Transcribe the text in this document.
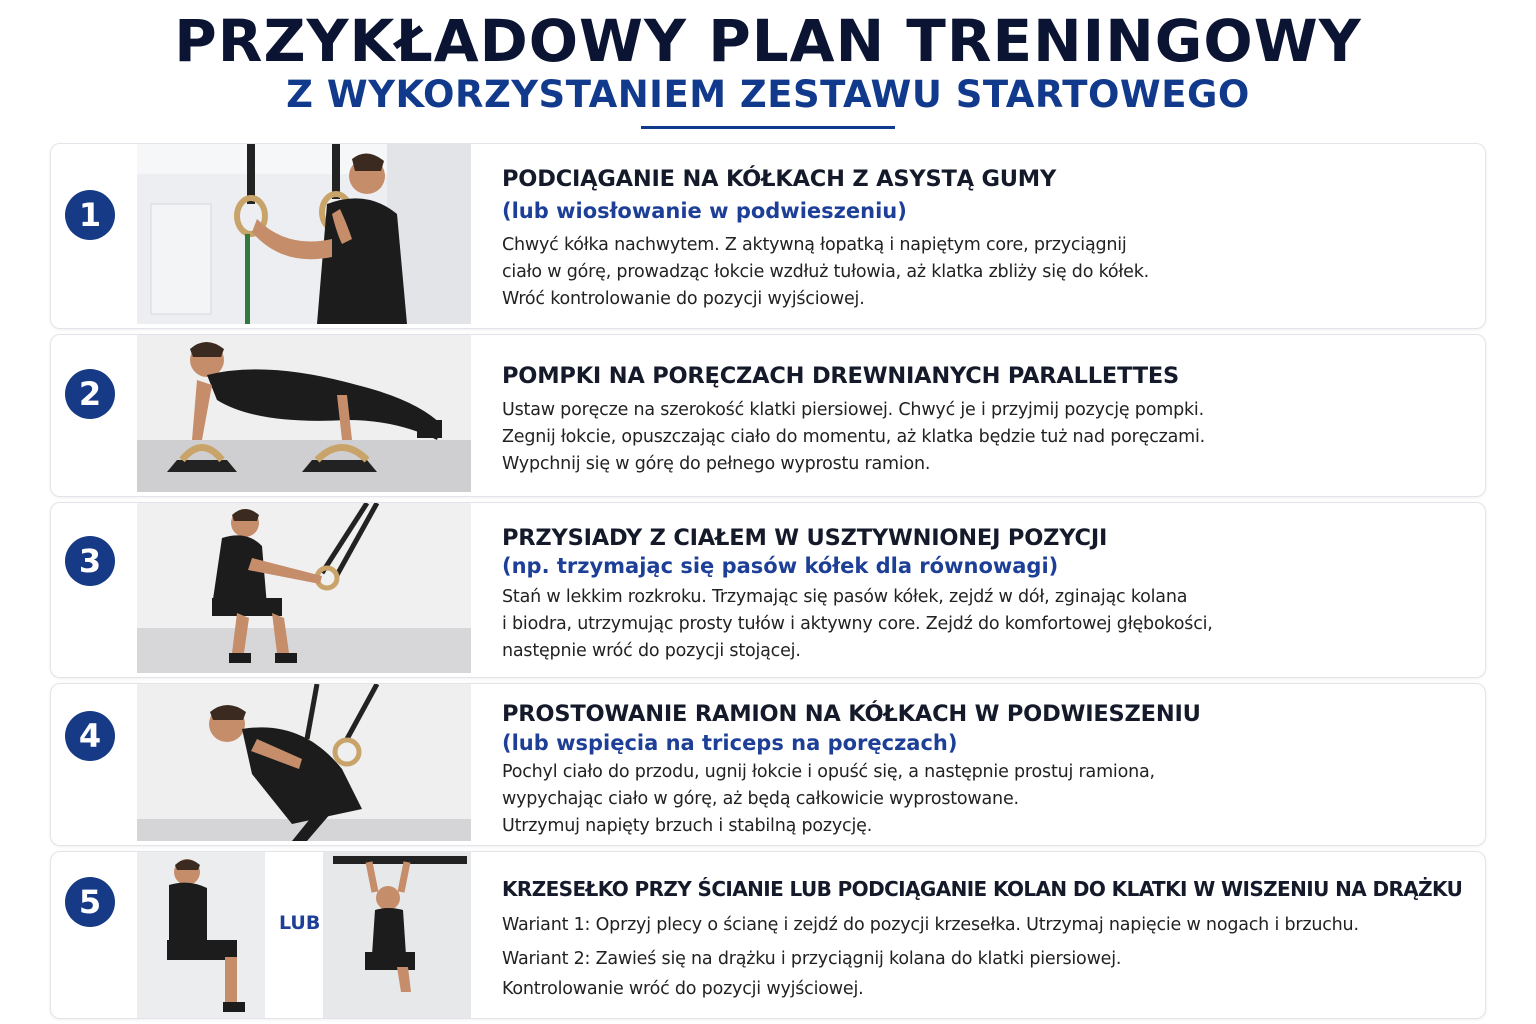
PRZYKŁADOWY PLAN TRENINGOWY
Z WYKORZYSTANIEM ZESTAWU STARTOWEGO
1
PODCIĄGANIE NA KÓŁKACH Z ASYSTĄ GUMY
(lub wiosłowanie w podwieszeniu)

Chwyć kółka nachwytem. Z aktywną łopatką i napiętym core, przyciągnij

ciało w górę, prowadząc łokcie wzdłuż tułowia, aż klatka zbliży się do kółek.

Wróć kontrolowanie do pozycji wyjściowej.

2	POMPKI NA PORĘCZACH DREWNIANYCH PARALLETTES

Ustaw poręcze na szerokość klatki piersiowej. Chwyć je i przyjmij pozycję pompki.

Zegnij łokcie, opuszczając ciało do momentu, aż klatka będzie tuż nad poręczami.

Wypchnij się w górę do pełnego wyprostu ramion.

3
PRZYSIADY Z CIAŁEM W USZTYWNIONEJ POZYCJI
(np. trzymając się pasów kółek dla równowagi)

Stań w lekkim rozkroku. Trzymając się pasów kółek, zejdź w dół, zginając kolana

i biodra, utrzymując prosty tułów i aktywny core. Zejdź do komfortowej głębokości,

następnie wróć do pozycji stojącej.

4
PROSTOWANIE RAMION NA KÓŁKACH W PODWIESZENIU
(lub wspięcia na triceps na poręczach)

Pochyl ciało do przodu, ugnij łokcie i opuść się, a następnie prostuj ramiona,

wypychając ciało w górę, aż będą całkowicie wyprostowane.

Utrzymuj napięty brzuch i stabilną pozycję.

5
LUB
KRZESEŁKO PRZY ŚCIANIE LUB PODCIĄGANIE KOLAN DO KLATKI W WISZENIU NA DRĄŻKU

Wariant 1: Oprzyj plecy o ścianę i zejdź do pozycji krzesełka. Utrzymaj napięcie w nogach i brzuchu.

Wariant 2: Zawieś się na drążku i przyciągnij kolana do klatki piersiowej.

Kontrolowanie wróć do pozycji wyjściowej.
